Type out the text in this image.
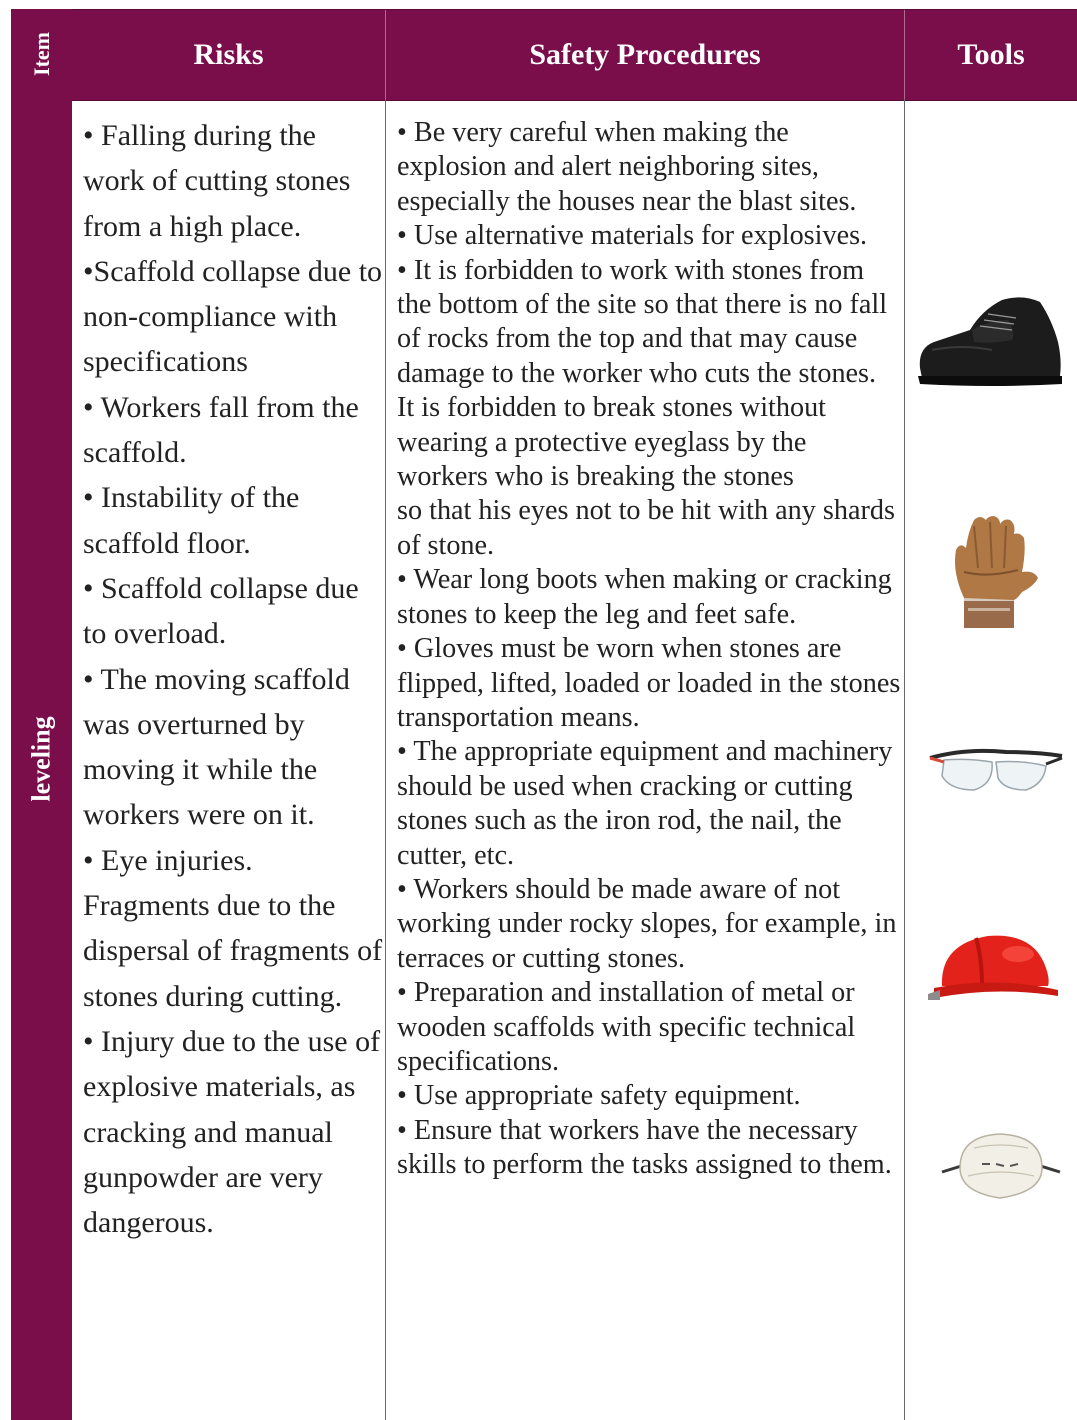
Risks	Safety Procedures	Tools
Item
leveling

• Falling during the work of cutting stones from a high place.

•Scaffold collapse due to non-compliance with specifications

• Workers fall from the scaffold.

• Instability of the scaffold floor.

• Scaffold collapse due to overload.

• The moving scaffold was overturned by moving it while the workers were on it.

• Eye injuries.

Fragments due to the dispersal of fragments of stones during cutting.

• Injury due to the use of explosive materials, as cracking and manual gunpowder are very dangerous.

• Be very careful when making the explosion and alert neighboring sites, especially the houses near the blast sites.

• Use alternative materials for explosives.

• It is forbidden to work with stones from the bottom of the site so that there is no fall of rocks from the top and that may cause damage to the worker who cuts the stones.

It is forbidden to break stones without wearing a protective eyeglass by the workers who is breaking the stones

so that his eyes not to be hit with any shards of stone.

• Wear long boots when making or cracking stones to keep the leg and feet safe.

• Gloves must be worn when stones are flipped, lifted, loaded or loaded in the stones transportation means.

• The appropriate equipment and machinery should be used when cracking or cutting stones such as the iron rod, the nail, the cutter, etc.

• Workers should be made aware of not working under rocky slopes, for example, in terraces or cutting stones.

• Preparation and installation of metal or wooden scaffolds with specific technical specifications.

• Use appropriate safety equipment.

• Ensure that workers have the necessary skills to perform the tasks assigned to them.
